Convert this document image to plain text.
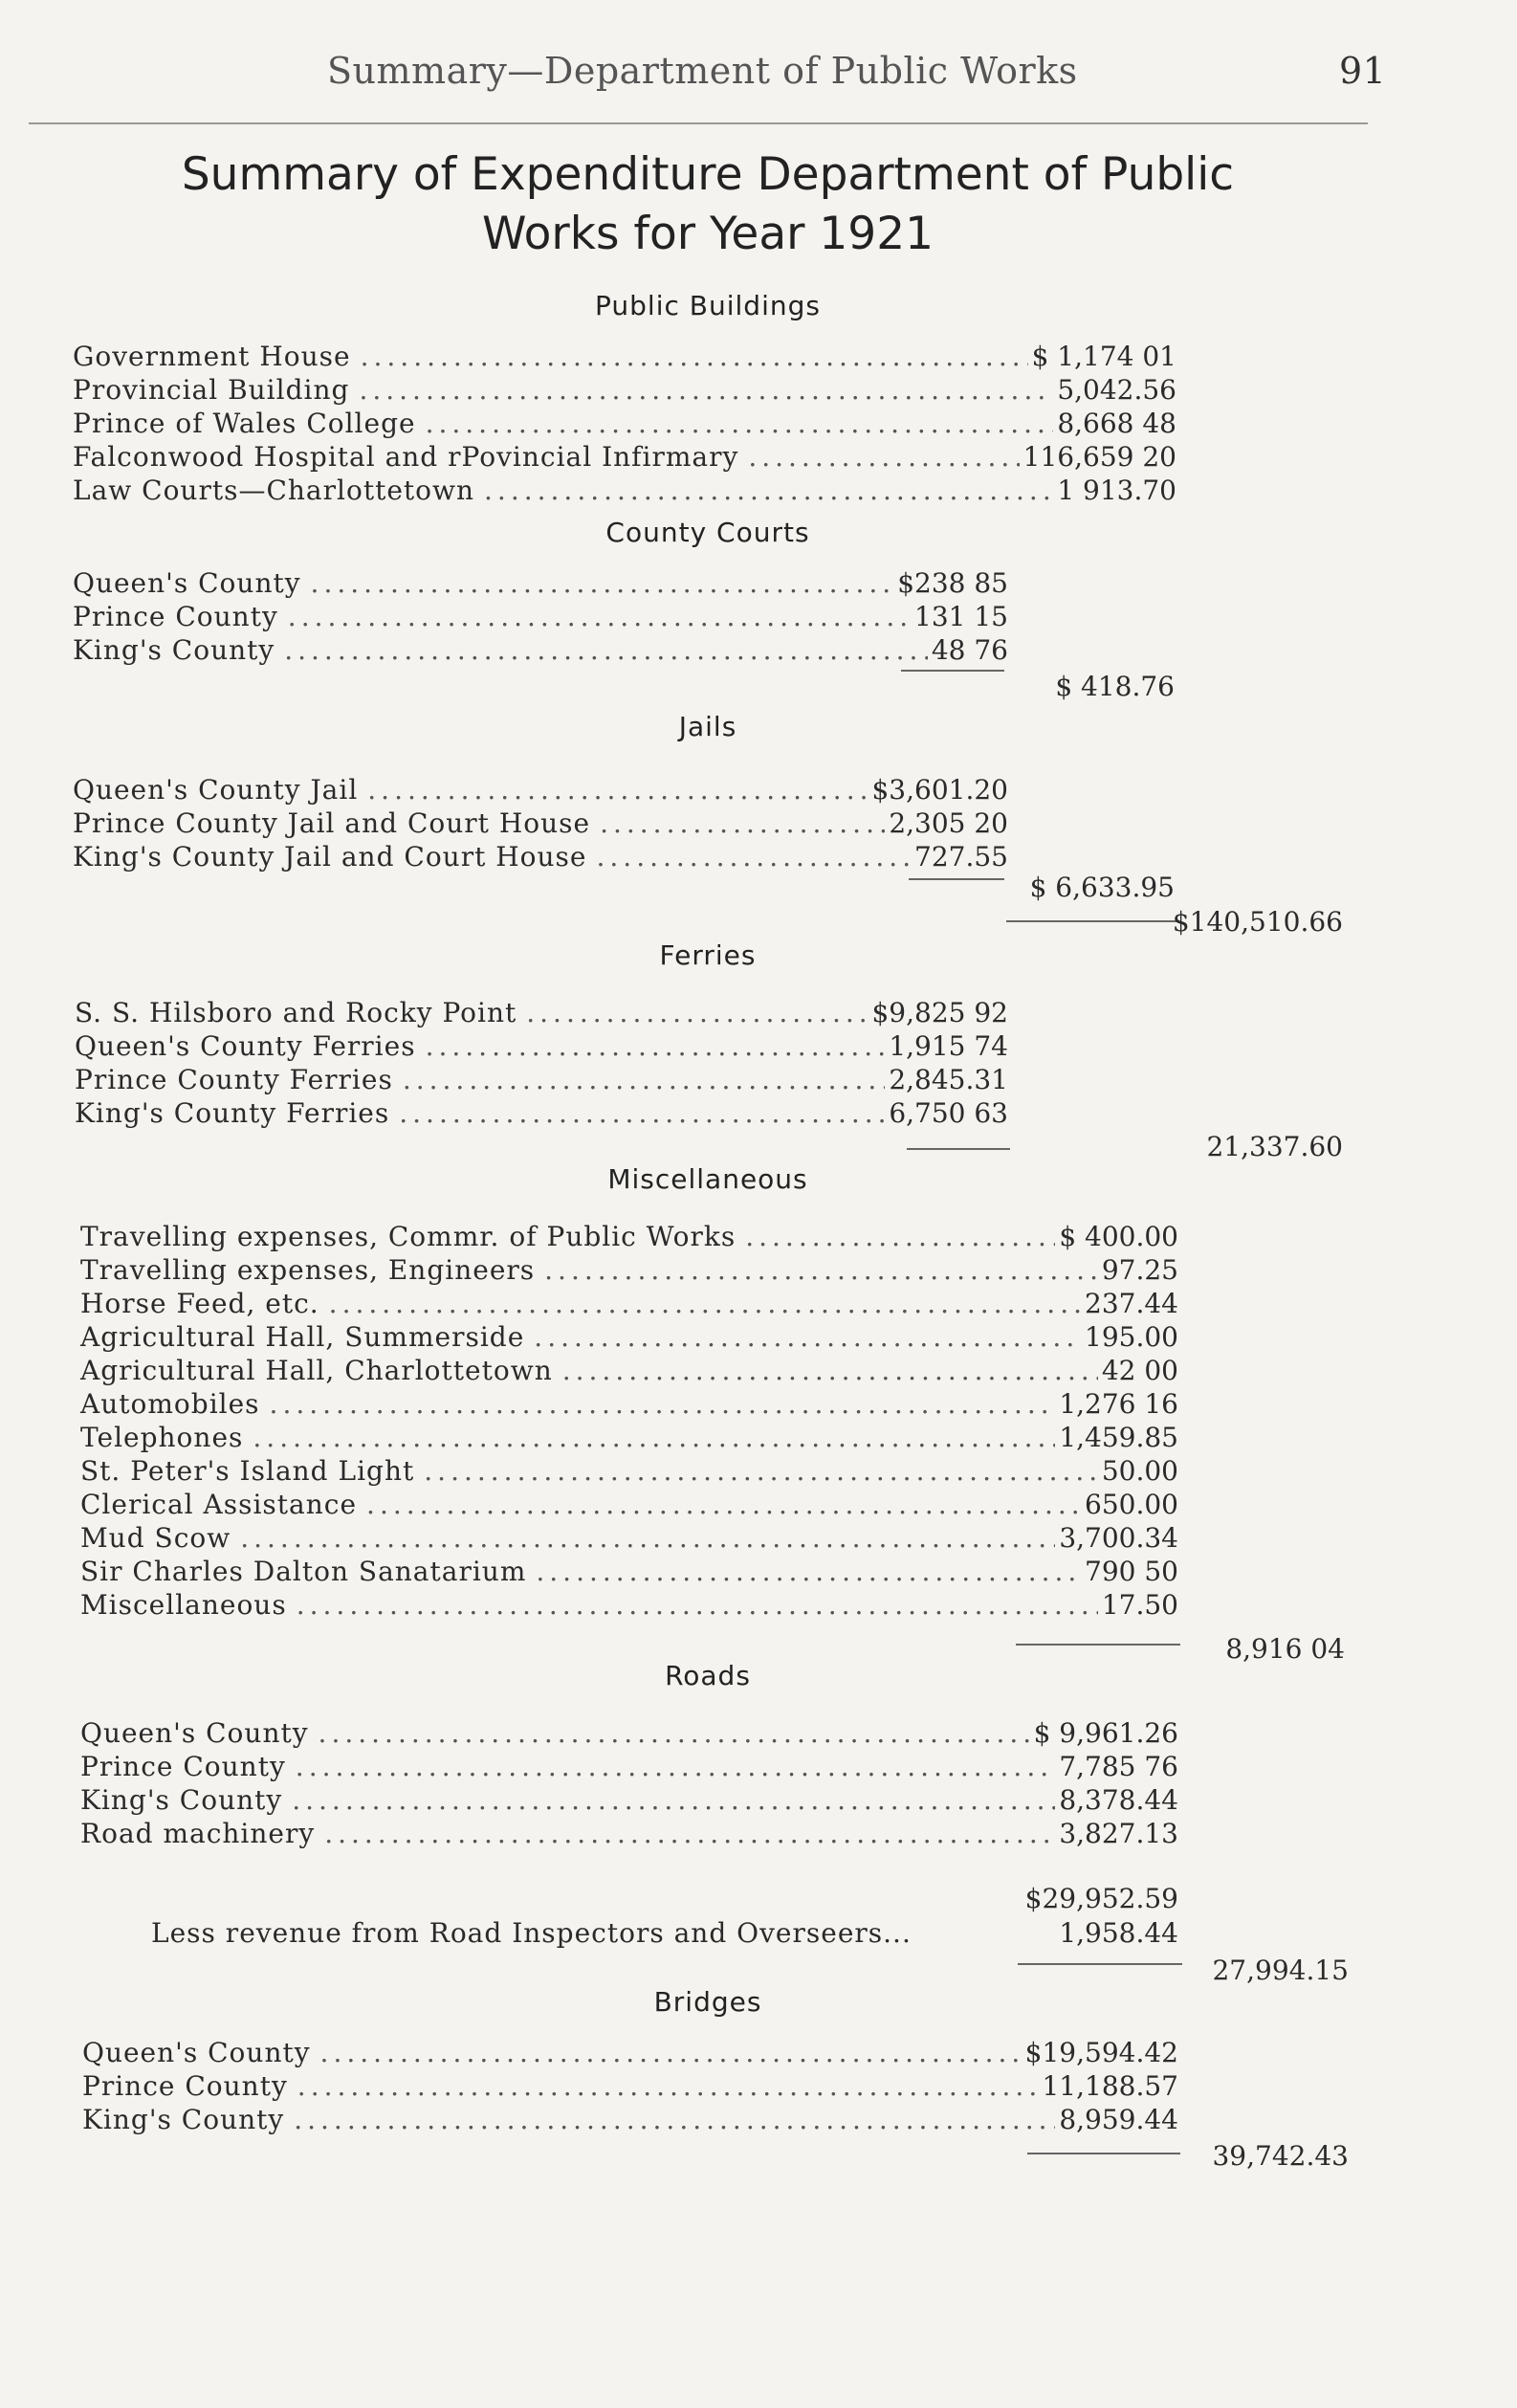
Summary—Department of Public Works	91
Summary of Expenditure Department of Public
Works for Year 1921
Public Buildings
Government House .....	$ 1,174 01
Provincial Building .....	5,042.56
Prince of Wales College .....	8,668 48
Falconwood Hospital and rPovincial Infirmary .....	116,659 20
Law Courts—Charlottetown .....	1 913.70
County Courts
Queen's County .....	$238 85
Prince County .....	131 15
King's County .....	48 76
$ 418.76
Jails
Queen's County Jail .....	$3,601.20
Prince County Jail and Court House .....	2,305 20
King's County Jail and Court House .....	727.55
$ 6,633.95
$140,510.66
Ferries
S. S. Hilsboro and Rocky Point .....	$9,825 92
Queen's County Ferries .....	1,915 74
Prince County Ferries .....	2,845.31
King's County Ferries .....	6,750 63
21,337.60
Miscellaneous
Travelling expenses, Commr. of Public Works .....	$ 400.00
Travelling expenses, Engineers .....	97.25
Horse Feed, etc. .....	237.44
Agricultural Hall, Summerside .....	195.00
Agricultural Hall, Charlottetown .....	42 00
Automobiles .....	1,276 16
Telephones .....	1,459.85
St. Peter's Island Light .....	50.00
Clerical Assistance .....	650.00
Mud Scow .....	3,700.34
Sir Charles Dalton Sanatarium .....	790 50
Miscellaneous .....	17.50
8,916 04
Roads
Queen's County .....	$ 9,961.26
Prince County .....	7,785 76
King's County .....	8,378.44
Road machinery .....	3,827.13
$29,952.59
Less revenue from Road Inspectors and Overseers...	1,958.44
27,994.15
Bridges
Queen's County .....	$19,594.42
Prince County .....	11,188.57
King's County .....	8,959.44
39,742.43
